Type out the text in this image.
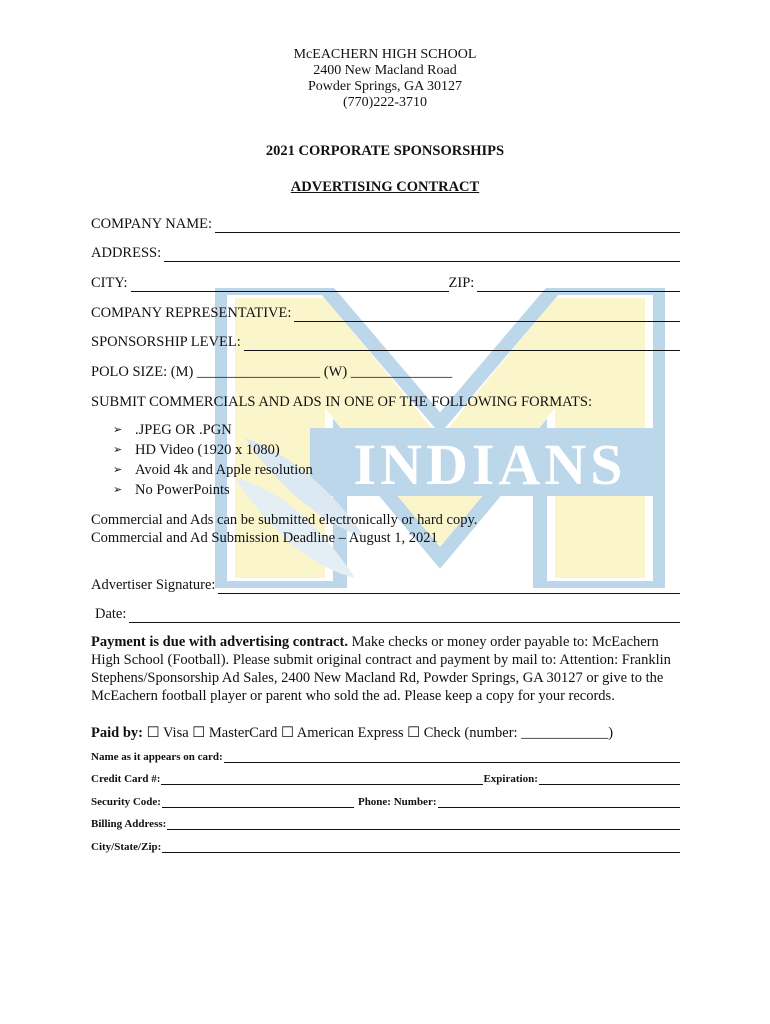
INDIANS
McEACHERN HIGH SCHOOL
2400 New Macland Road
Powder Springs, GA 30127
(770)222-3710
2021 CORPORATE SPONSORSHIPS
ADVERTISING CONTRACT
COMPANY NAME:
ADDRESS:
CITY:	ZIP:
COMPANY REPRESENTATIVE:
SPONSORSHIP LEVEL:
POLO SIZE: (M) _________________ (W) ______________
SUBMIT COMMERCIALS AND ADS IN ONE OF THE FOLLOWING FORMATS:
➢ .JPEG OR .PGN
➢ HD Video (1920 x 1080)
➢ Avoid 4k and Apple resolution
➢ No PowerPoints
Commercial and Ads can be submitted electronically or hard copy.
Commercial and Ad Submission Deadline – August 1, 2021
Advertiser Signature:
Date:
Payment is due with advertising contract. Make checks or money order payable to: McEachern High School (Football). Please submit original contract and payment by mail to: Attention: Franklin Stephens/Sponsorship Ad Sales, 2400 New Macland Rd, Powder Springs, GA 30127 or give to the McEachern football player or parent who sold the ad. Please keep a copy for your records.
Paid by: ☐ Visa ☐ MasterCard ☐ American Express ☐ Check (number: ____________)
Name as it appears on card:
Credit Card #:	Expiration:
Security Code:	Phone: Number:
Billing Address:
City/State/Zip:
